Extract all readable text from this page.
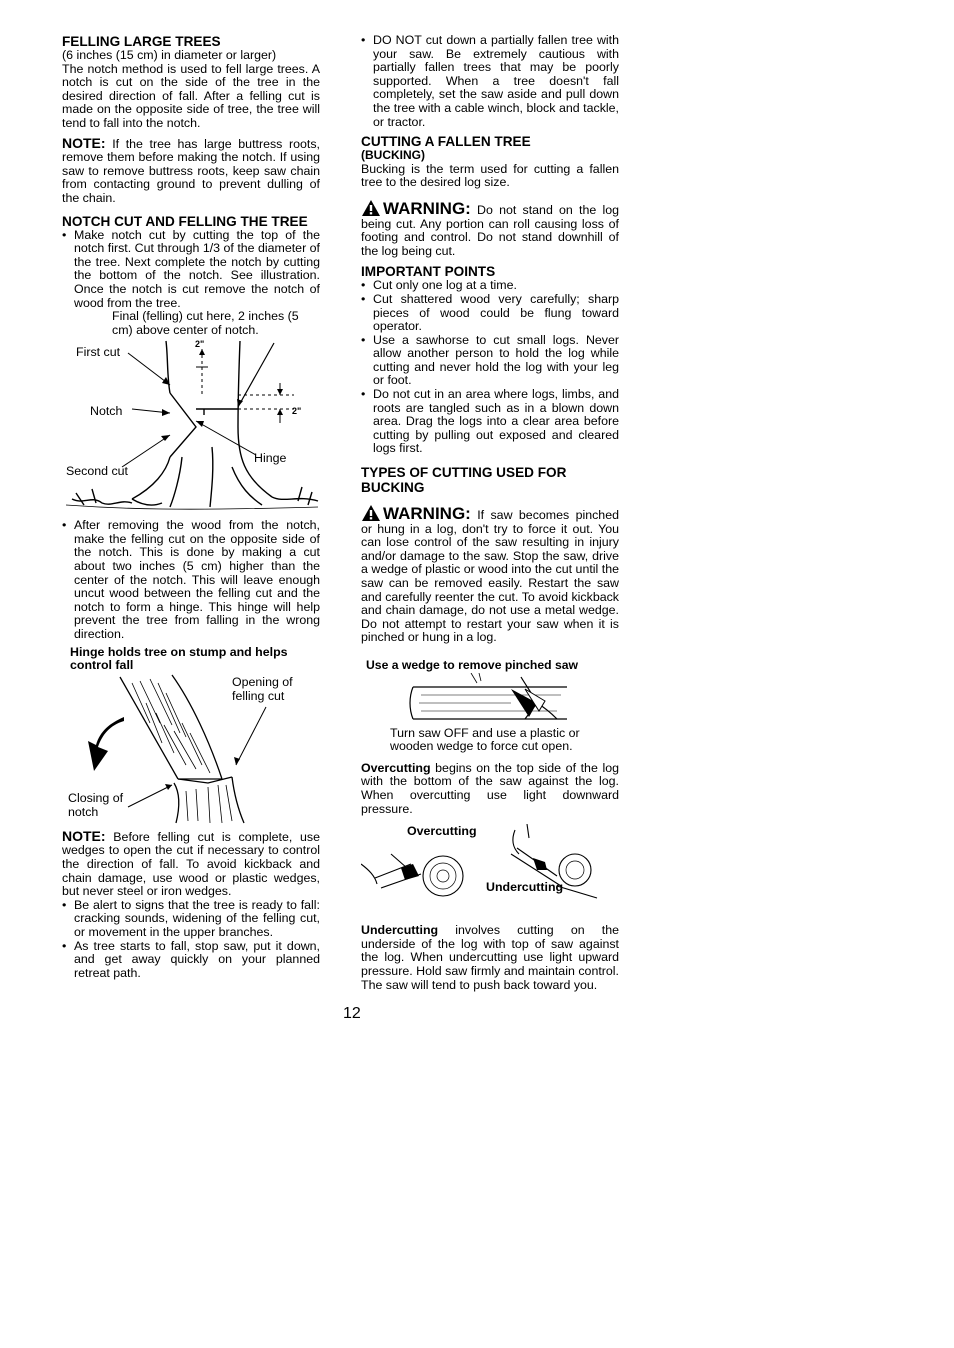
FELLING LARGE TREES

(6 inches (15 cm) in diameter or larger)

The notch method is used to fell large trees. A notch is cut on the side of the tree in the desired direction of fall. After a felling cut is made on the opposite side of tree, the tree will tend to fall into the notch.

NOTE: If the tree has large buttress roots, remove them before making the notch. If using saw to remove buttress roots, keep saw chain from contacting ground to prevent dulling of the chain.

NOTCH CUT AND FELLING THE TREE
• Make notch cut by cutting the top of the notch first. Cut through 1/3 of the diameter of the tree. Next complete the notch by cutting the bottom of the notch. See illustration. Once the notch is cut remove the notch of wood from the tree.

Final (felling) cut here, 2 inches (5 cm) above center of notch.

First cut
Notch
Second cut
Hinge
2"
2"
• After removing the wood from the notch, make the felling cut on the opposite side of the notch. This is done by making a cut about two inches (5 cm) higher than the center of the notch. This will leave enough uncut wood between the felling cut and the notch to form a hinge. This hinge will help prevent the tree from falling in the wrong direction.

Hinge holds tree on stump and helps control fall

Opening of felling cut
Closing of notch

NOTE: Before felling cut is complete, use wedges to open the cut if necessary to control the direction of fall. To avoid kickback and chain damage, use wood or plastic wedges, but never steel or iron wedges.

• Be alert to signs that the tree is ready to fall: cracking sounds, widening of the felling cut, or movement in the upper branches.
• As tree starts to fall, stop saw, put it down, and get away quickly on your planned retreat path.
• DO NOT cut down a partially fallen tree with your saw. Be extremely cautious with partially fallen trees that may be poorly supported. When a tree doesn't fall completely, set the saw aside and pull down the tree with a cable winch, block and tackle, or tractor.
CUTTING A FALLEN TREE
(BUCKING)

Bucking is the term used for cutting a fallen tree to the desired log size.

WARNING: Do not stand on the log being cut. Any portion can roll causing loss of footing and control. Do not stand downhill of the log being cut.

IMPORTANT POINTS
• Cut only one log at a time.
• Cut shattered wood very carefully; sharp pieces of wood could be flung toward operator.
• Use a sawhorse to cut small logs. Never allow another person to hold the log while cutting and never hold the log with your leg or foot.
• Do not cut in an area where logs, limbs, and roots are tangled such as in a blown down area. Drag the logs into a clear area before cutting by pulling out exposed and cleared logs first.
TYPES OF CUTTING USED FOR BUCKING

WARNING: If saw becomes pinched or hung in a log, don't try to force it out. You can lose control of the saw resulting in injury and/or damage to the saw. Stop the saw, drive a wedge of plastic or wood into the cut until the saw can be removed easily. Restart the saw and carefully reenter the cut. To avoid kickback and chain damage, do not use a metal wedge. Do not attempt to restart your saw when it is pinched or hung in a log.

Use a wedge to remove pinched saw

Turn saw OFF and use a plastic or wooden wedge to force cut open.

Overcutting begins on the top side of the log with the bottom of the saw against the log. When overcutting use light downward pressure.

Overcutting
Undercutting

Undercutting involves cutting on the underside of the log with top of saw against the log. When undercutting use light upward pressure. Hold saw firmly and maintain control. The saw will tend to push back toward you.

12
